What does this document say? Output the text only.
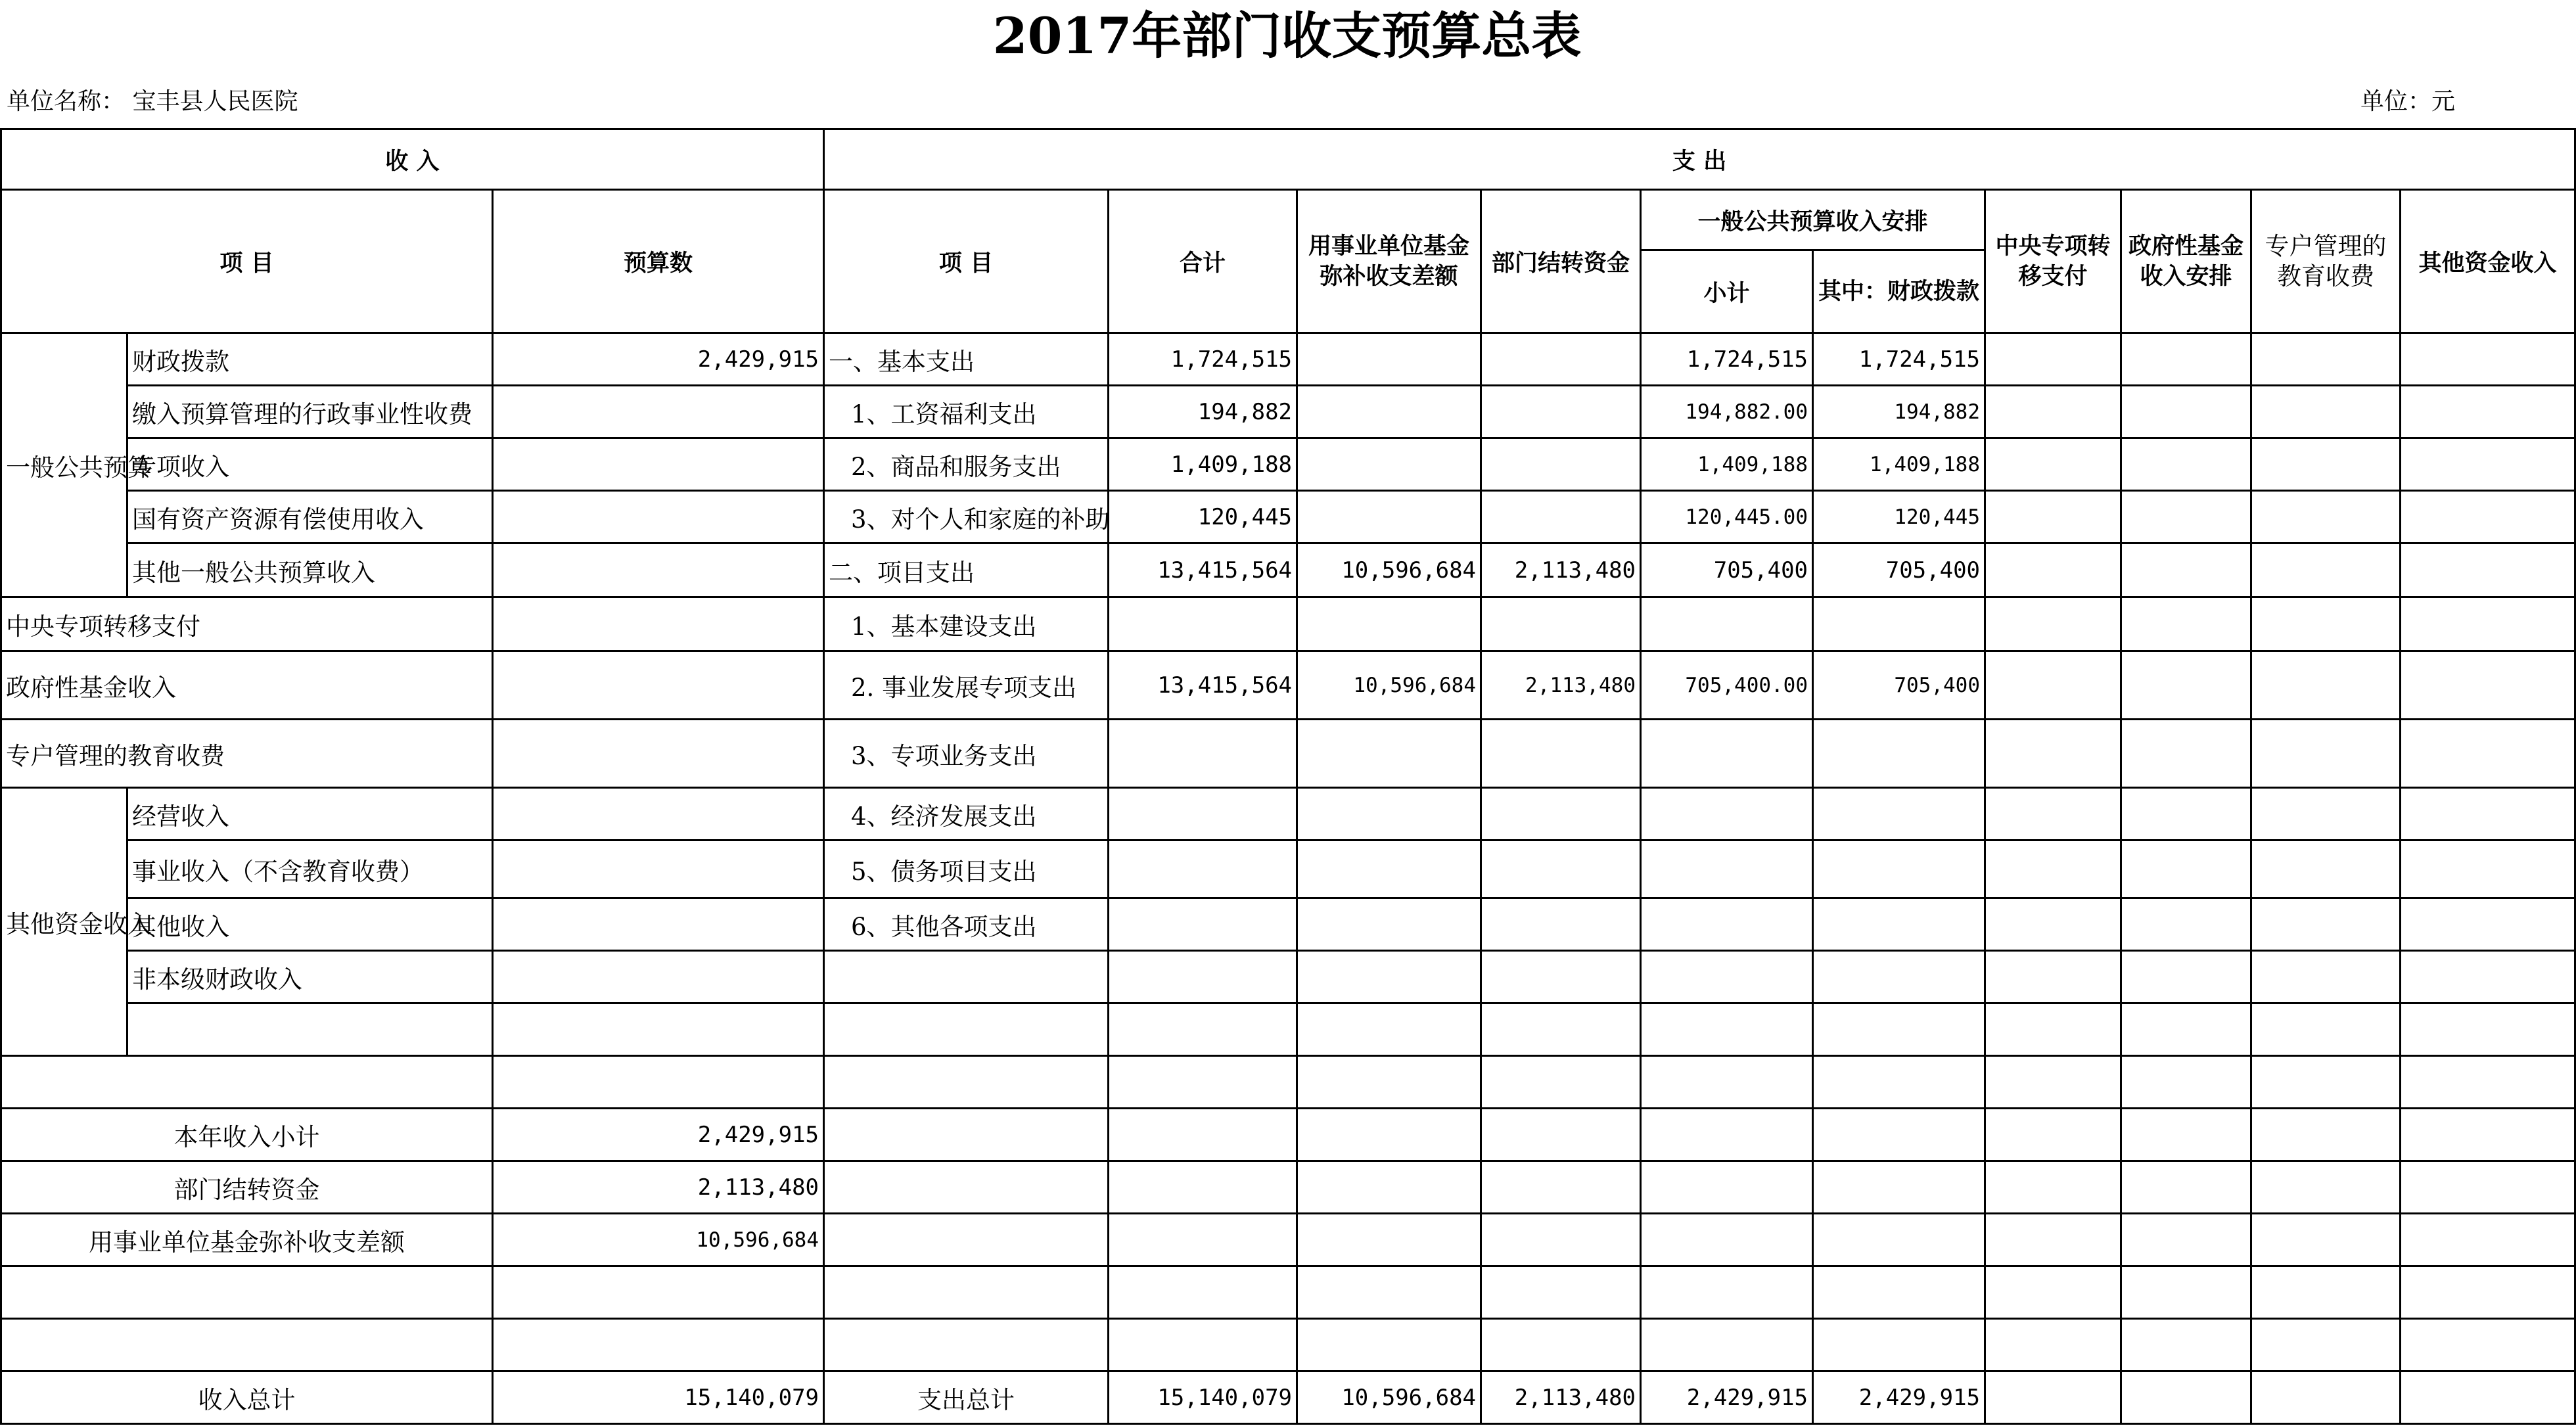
2017年部门收支预算总表
单位名称： 宝丰县人民医院	单位：元
收 入			支 出									
项 目		预算数	项 目	合计	用事业单位基金弥补收支差额	部门结转资金	一般公共预算收入安排		中央专项转移支付	政府性基金收入安排	专户管理的教育收费	其他资金收入
							小计	其中：财政拨款				
一般公共预算	财政拨款	2,429,915	一、基本支出	1,724,515			1,724,515	1,724,515				
	缴入预算管理的行政事业性收费		1、工资福利支出	194,882			194,882.00	194,882				
	专项收入		2、商品和服务支出	1,409,188			1,409,188	1,409,188				
	国有资产资源有偿使用收入		3、对个人和家庭的补助	120,445			120,445.00	120,445				
	其他一般公共预算收入		二、项目支出	13,415,564	10,596,684	2,113,480	705,400	705,400				
中央专项转移支付			1、基本建设支出									
政府性基金收入			2. 事业发展专项支出	13,415,564	10,596,684	2,113,480	705,400.00	705,400				
专户管理的教育收费			3、专项业务支出									
其他资金收入	经营收入		4、经济发展支出									
	事业收入（不含教育收费）		5、债务项目支出									
	其他收入		6、其他各项支出									
	非本级财政收入											

本年收入小计		2,429,915										
部门结转资金		2,113,480										
用事业单位基金弥补收支差额		10,596,684										

收入总计		15,140,079	支出总计	15,140,079	10,596,684	2,113,480	2,429,915	2,429,915				
